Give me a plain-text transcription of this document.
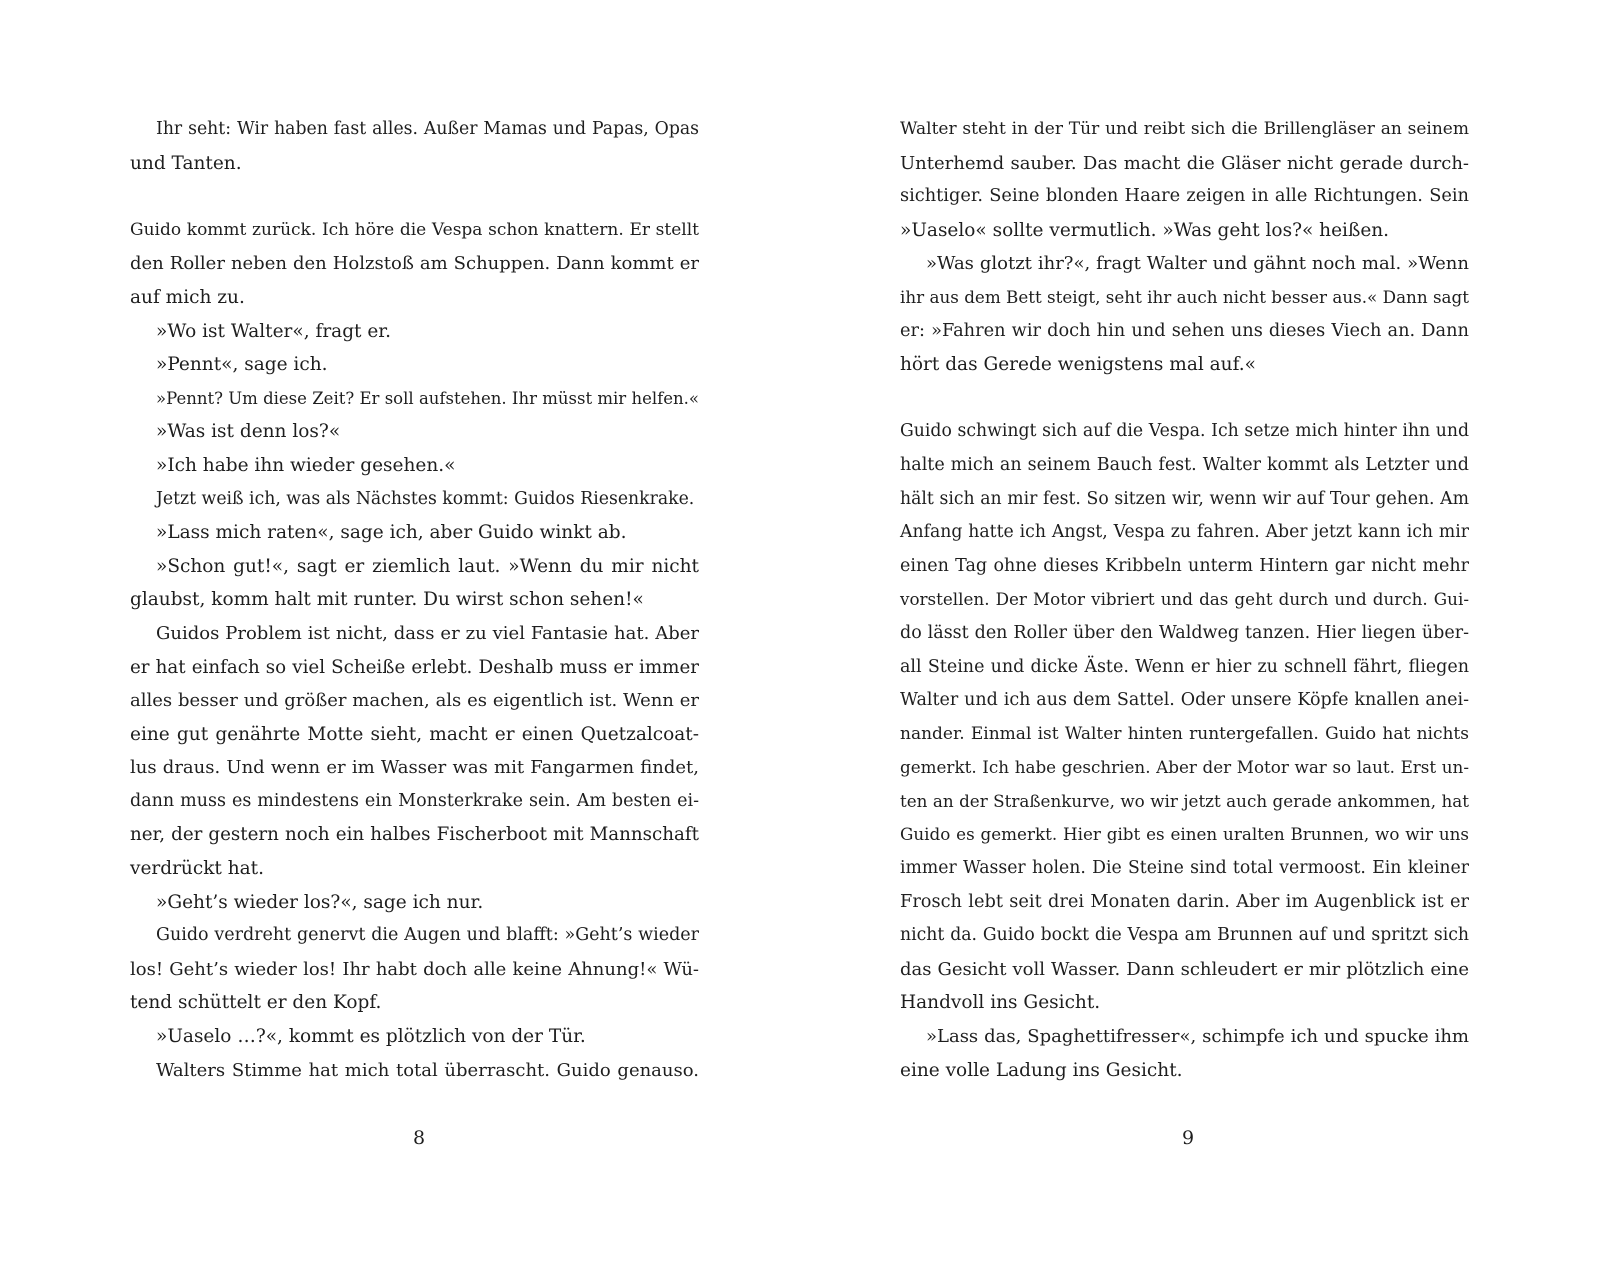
Ihr seht: Wir haben fast alles. Außer Mamas und Papas, Opas
und Tanten.
Guido kommt zurück. Ich höre die Vespa schon knattern. Er stellt
den Roller neben den Holzstoß am Schuppen. Dann kommt er
auf mich zu.
»Wo ist Walter«, fragt er.
»Pennt«, sage ich.
»Pennt? Um diese Zeit? Er soll aufstehen. Ihr müsst mir helfen.«
»Was ist denn los?«
»Ich habe ihn wieder gesehen.«
Jetzt weiß ich, was als Nächstes kommt: Guidos Riesenkrake.
»Lass mich raten«, sage ich, aber Guido winkt ab.
»Schon gut!«, sagt er ziemlich laut. »Wenn du mir nicht
glaubst, komm halt mit runter. Du wirst schon sehen!«
Guidos Problem ist nicht, dass er zu viel Fantasie hat. Aber
er hat einfach so viel Scheiße erlebt. Deshalb muss er immer
alles besser und größer machen, als es eigentlich ist. Wenn er
eine gut genährte Motte sieht, macht er einen Quetzalcoat-
lus draus. Und wenn er im Wasser was mit Fangarmen findet,
dann muss es mindestens ein Monsterkrake sein. Am besten ei-
ner, der gestern noch ein halbes Fischerboot mit Mannschaft
verdrückt hat.
»Geht’s wieder los?«, sage ich nur.
Guido verdreht genervt die Augen und blafft: »Geht’s wieder
los! Geht’s wieder los! Ihr habt doch alle keine Ahnung!« Wü-
tend schüttelt er den Kopf.
»Uaselo …?«, kommt es plötzlich von der Tür.
Walters Stimme hat mich total überrascht. Guido genauso.
8
Walter steht in der Tür und reibt sich die Brillengläser an seinem
Unterhemd sauber. Das macht die Gläser nicht gerade durch-
sichtiger. Seine blonden Haare zeigen in alle Richtungen. Sein
»Uaselo« sollte vermutlich. »Was geht los?« heißen.
»Was glotzt ihr?«, fragt Walter und gähnt noch mal. »Wenn
ihr aus dem Bett steigt, seht ihr auch nicht besser aus.« Dann sagt
er: »Fahren wir doch hin und sehen uns dieses Viech an. Dann
hört das Gerede wenigstens mal auf.«
Guido schwingt sich auf die Vespa. Ich setze mich hinter ihn und
halte mich an seinem Bauch fest. Walter kommt als Letzter und
hält sich an mir fest. So sitzen wir, wenn wir auf Tour gehen. Am
Anfang hatte ich Angst, Vespa zu fahren. Aber jetzt kann ich mir
einen Tag ohne dieses Kribbeln unterm Hintern gar nicht mehr
vorstellen. Der Motor vibriert und das geht durch und durch. Gui-
do lässt den Roller über den Waldweg tanzen. Hier liegen über-
all Steine und dicke Äste. Wenn er hier zu schnell fährt, fliegen
Walter und ich aus dem Sattel. Oder unsere Köpfe knallen anei-
nander. Einmal ist Walter hinten runtergefallen. Guido hat nichts
gemerkt. Ich habe geschrien. Aber der Motor war so laut. Erst un-
ten an der Straßenkurve, wo wir jetzt auch gerade ankommen, hat
Guido es gemerkt. Hier gibt es einen uralten Brunnen, wo wir uns
immer Wasser holen. Die Steine sind total vermoost. Ein kleiner
Frosch lebt seit drei Monaten darin. Aber im Augenblick ist er
nicht da. Guido bockt die Vespa am Brunnen auf und spritzt sich
das Gesicht voll Wasser. Dann schleudert er mir plötzlich eine
Handvoll ins Gesicht.
»Lass das, Spaghettifresser«, schimpfe ich und spucke ihm
eine volle Ladung ins Gesicht.
9
